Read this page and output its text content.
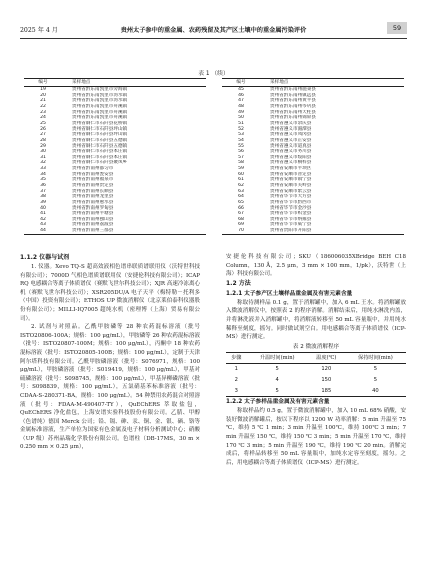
2025 年 4 月	贵州太子参中的重金属、农药残留及其产区土壤中的重金属污染评价	59
表 1 （续）
编号	采样地点
19	贵州省黔东南凯里市旁海镇
20	贵州省黔东南凯里市湾水镇
21	贵州省黔东南凯里市湾水镇
22	贵州省黔东南凯里市舟溪镇
23	贵州省黔东南凯里市舟溪镇
24	贵州省黔东南凯里市舟溪镇
25	贵州省铜仁市石阡县花桥镇
26	贵州省铜仁市石阡县坪山镇
27	贵州省铜仁市石阡县坪山镇
28	贵州省铜仁市石阡县五德镇
29	贵州省铜仁市石阡县五德镇
30	贵州省铜仁市石阡县本庄镇
31	贵州省铜仁市石阡县本庄镇
32	贵州省铜仁市石阡县聚凤乡
33	贵州省黔南州都匀市
34	贵州省黔南州瓮安县
35	贵州省黔南州福泉市
36	贵州省黔南州贵定县
37	贵州省黔南州长顺县
38	贵州省黔南州龙里县
39	贵州省黔南州惠水县
40	贵州省黔南州罗甸县
41	贵州省黔南州平塘县
42	贵州省黔南州独山县
43	贵州省黔南州荔波县
44	贵州省黔南州三都县
编号	采样地点
45	贵州省黔东南州施秉县
46	贵州省黔东南州镇远县
47	贵州省黔东南州黄平县
48	贵州省黔东南州岑巩县
49	贵州省黔东南州天柱县
50	贵州省黔东南州锦屏县
51	贵州省遵义市余庆县
52	贵州省遵义市湄潭县
53	贵州省遵义市凤冈县
54	贵州省遵义市正安县
55	贵州省遵义市道真县
56	贵州省遵义市务川县
57	贵州省遵义市绥阳县
58	贵州省遵义市桐梓县
59	贵州省安顺市平坝区
60	贵州省安顺市普定县
61	贵州省安顺市镇宁县
62	贵州省安顺市关岭县
63	贵州省安顺市紫云县
64	贵州省毕节市大方县
65	贵州省毕节市黔西市
66	贵州省毕节市金沙县
67	贵州省毕节市织金县
68	贵州省毕节市纳雍县
69	贵州省毕节市威宁县
70	贵州省贵阳市开阳县
1.1.2 仪器与试剂

1. 仪器。Xevo TQ-S 超高效液相色谱串联质谱联用仪（沃特世科技有限公司）；7000D 气相色谱质谱联用仪（安捷伦科技有限公司）；ICAP RQ 电感耦合等离子体质谱仪（赛默飞世尔科技公司）；XJR 高速冷冻离心机（赛默飞世尔科技公司）；XSR205DU/A 电子天平（梅特勒－托利多（中国）投资有限公司）；ETHOS UP 微波消解仪（北京莱伯泰科仪器股份有限公司）；MILLI-IQ7005 超纯水机（密理博（上海）贸易有限公司）。

2. 试剂与对照品。乙酰甲胺磷等 28 种农药混标溶液（批号 ISTO20806-100A；规格：100 μg/mL），甲胺磷等 26 种农药混标溶液（批号：ISTO20807-100M；规格：100 μg/mL），丙酮中 18 种农药混标溶液（批号：ISTO20805-100B；规格：100 μg/mL），定制于天津阿尔塔科技有限公司。乙酰甲胺磷溶液（批号：S076971，规格：100 μg/mL），甲胺磷溶液（批号：S019419，规格：100 μg/mL），甲基对硫磷溶液（批号：S098745，规格：100 μg/mL），甲基异柳磷溶液（批号：S098839，规格：100 μg/mL），五氯硝基苯标准溶液（批号：CDAA-S-280371-BA，规格：100 μg/mL）。54 种禁用农药混合对照溶液（批号：FDAA-M-490407-TY），QuEChERS 萃取盐包，QuEChERS 净化盐包，上海安谱实验科技股份有限公司。乙腈、甲醇（色谱纯）德国 Merck 公司；铅、镉、砷、汞、铜、金、银、硒、铬等金属标准溶液，生产单位为国家有色金属及电子材料分析测试中心；硝酸（UP 级）苏州晶瑞化学股份有限公司。色谱柱（DB-17MS，30 m × 0.250 mm × 0.25 μm），

安捷伦科技有限公司；SKU（186006035XBridge BEH C18 Column，130 Å，2.5 μm，3 mm × 100 mm，1/pk），沃特世（上海）科技有限公司。

1.2 方法
1.2.1 太子参产区土壤样品重金属及有害元素含量

称取待测样品 0.1 g，置于消解罐中，加入 6 mL 王水。将消解罐放入微波消解仪中，按照表 2 的程序消解。消解结束后，用纯水淋洗内盖，并将淋洗液并入消解罐中，将消解液转移至 50 mL 容量瓶中，并用纯水稀释至刻度，摇匀。同时做试剂空白。用电感耦合等离子体质谱仪（ICP-MS）进行测定。

表 2 微波消解程序
步骤	升温时间(min)	温度(℃)	保持时间(min)
1	5	120	5
2	4	150	5
3	5	185	40
1.2.2 太子参样品重金属及有害元素含量

称取样品约 0.5 g，置于微波消解罐中，加入 10 mL 68% 硝酸，安装好微波消解罐后，按以下程序以 1200 W 功率消解：5 min 升温至 75 ℃，维持 5 ℃ 1 min；3 min 升温至 100℃，维持 100℃ 3 min；7 min 升温至 150 ℃，维持 150 ℃ 3 min；5 min 升温至 170 ℃，维持 170 ℃ 3 min；5 min 升温至 190 ℃，维持 190 ℃ 20 min。消解完成后，将样品转移至 50 mL 容量瓶中，加纯水定容至刻度，摇匀。之后，用电感耦合等离子体质谱仪（ICP-MS）进行测定。
